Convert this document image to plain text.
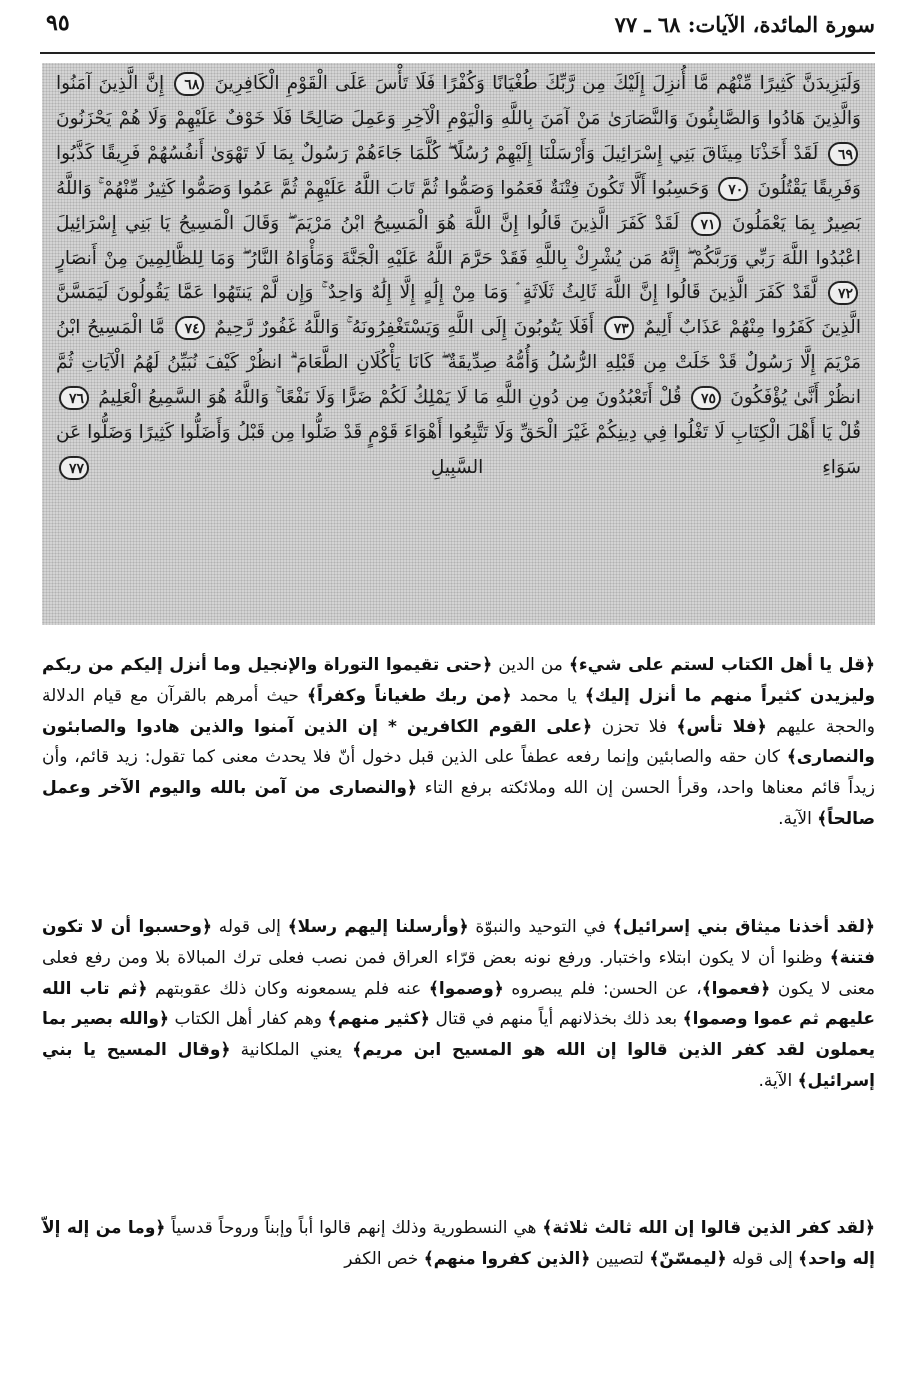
سورة المائدة، الآيات: ٦٨ ـ ٧٧
٩٥
وَلَيَزِيدَنَّ كَثِيرًا مِّنْهُم مَّا أُنزِلَ إِلَيْكَ مِن رَّبِّكَ طُغْيَانًا وَكُفْرًا فَلَا تَأْسَ عَلَى الْقَوْمِ الْكَافِرِينَ ٦٨ إِنَّ الَّذِينَ آمَنُوا وَالَّذِينَ هَادُوا وَالصَّابِئُونَ وَالنَّصَارَىٰ مَنْ آمَنَ بِاللَّهِ وَالْيَوْمِ الْآخِرِ وَعَمِلَ صَالِحًا فَلَا خَوْفٌ عَلَيْهِمْ وَلَا هُمْ يَحْزَنُونَ ٦٩ لَقَدْ أَخَذْنَا مِيثَاقَ بَنِي إِسْرَائِيلَ وَأَرْسَلْنَا إِلَيْهِمْ رُسُلًا ۖ كُلَّمَا جَاءَهُمْ رَسُولٌ بِمَا لَا تَهْوَىٰ أَنفُسُهُمْ فَرِيقًا كَذَّبُوا وَفَرِيقًا يَقْتُلُونَ ٧٠ وَحَسِبُوا أَلَّا تَكُونَ فِتْنَةٌ فَعَمُوا وَصَمُّوا ثُمَّ تَابَ اللَّهُ عَلَيْهِمْ ثُمَّ عَمُوا وَصَمُّوا كَثِيرٌ مِّنْهُمْ ۚ وَاللَّهُ بَصِيرٌ بِمَا يَعْمَلُونَ ٧١ لَقَدْ كَفَرَ الَّذِينَ قَالُوا إِنَّ اللَّهَ هُوَ الْمَسِيحُ ابْنُ مَرْيَمَ ۖ وَقَالَ الْمَسِيحُ يَا بَنِي إِسْرَائِيلَ اعْبُدُوا اللَّهَ رَبِّي وَرَبَّكُمْ ۖ إِنَّهُ مَن يُشْرِكْ بِاللَّهِ فَقَدْ حَرَّمَ اللَّهُ عَلَيْهِ الْجَنَّةَ وَمَأْوَاهُ النَّارُ ۖ وَمَا لِلظَّالِمِينَ مِنْ أَنصَارٍ ٧٢ لَّقَدْ كَفَرَ الَّذِينَ قَالُوا إِنَّ اللَّهَ ثَالِثُ ثَلَاثَةٍ ۘ وَمَا مِنْ إِلَٰهٍ إِلَّا إِلَٰهٌ وَاحِدٌ ۚ وَإِن لَّمْ يَنتَهُوا عَمَّا يَقُولُونَ لَيَمَسَّنَّ الَّذِينَ كَفَرُوا مِنْهُمْ عَذَابٌ أَلِيمٌ ٧٣ أَفَلَا يَتُوبُونَ إِلَى اللَّهِ وَيَسْتَغْفِرُونَهُ ۚ وَاللَّهُ غَفُورٌ رَّحِيمٌ ٧٤ مَّا الْمَسِيحُ ابْنُ مَرْيَمَ إِلَّا رَسُولٌ قَدْ خَلَتْ مِن قَبْلِهِ الرُّسُلُ وَأُمُّهُ صِدِّيقَةٌ ۖ كَانَا يَأْكُلَانِ الطَّعَامَ ۗ انظُرْ كَيْفَ نُبَيِّنُ لَهُمُ الْآيَاتِ ثُمَّ انظُرْ أَنَّىٰ يُؤْفَكُونَ ٧٥ قُلْ أَتَعْبُدُونَ مِن دُونِ اللَّهِ مَا لَا يَمْلِكُ لَكُمْ ضَرًّا وَلَا نَفْعًا ۚ وَاللَّهُ هُوَ السَّمِيعُ الْعَلِيمُ ٧٦ قُلْ يَا أَهْلَ الْكِتَابِ لَا تَغْلُوا فِي دِينِكُمْ غَيْرَ الْحَقِّ وَلَا تَتَّبِعُوا أَهْوَاءَ قَوْمٍ قَدْ ضَلُّوا مِن قَبْلُ وَأَضَلُّوا كَثِيرًا وَضَلُّوا عَن سَوَاءِ السَّبِيلِ ٧٧
﴿قل يا أهل الكتاب لستم على شيء﴾ من الدين ﴿حتى تقيموا التوراة والإنجيل وما أنزل إليكم من ربكم وليزيدن كثيراً منهم ما أنزل إليك﴾ يا محمد ﴿من ربك طغياناً وكفراً﴾ حيث أمرهم بالقرآن مع قيام الدلالة والحجة عليهم ﴿فلا تأس﴾ فلا تحزن ﴿على القوم الكافرين * إن الذين آمنوا والذين هادوا والصابئون والنصارى﴾ كان حقه والصابئين وإنما رفعه عطفاً على الذين قبل دخول أنّ فلا يحدث معنى كما تقول: زيد قائم، وأن زيداً قائم معناها واحد، وقرأ الحسن إن الله وملائكته برفع التاء ﴿والنصارى من آمن بالله واليوم الآخر وعمل صالحاً﴾ الآية.
﴿لقد أخذنا ميثاق بني إسرائيل﴾ في التوحيد والنبوّة ﴿وأرسلنا إليهم رسلا﴾ إلى قوله ﴿وحسبوا أن لا تكون فتنة﴾ وظنوا أن لا يكون ابتلاء واختبار. ورفع نونه بعض قرّاء العراق فمن نصب فعلى ترك المبالاة بلا ومن رفع فعلى معنى لا يكون ﴿فعموا﴾، عن الحسن: فلم يبصروه ﴿وصموا﴾ عنه فلم يسمعونه وكان ذلك عقوبتهم ﴿ثم تاب الله عليهم ثم عموا وصموا﴾ بعد ذلك بخذلانهم أياً منهم في قتال ﴿كثير منهم﴾ وهم كفار أهل الكتاب ﴿والله بصير بما يعملون لقد كفر الذين قالوا إن الله هو المسيح ابن مريم﴾ يعني الملكانية ﴿وقال المسيح يا بني إسرائيل﴾ الآية.
﴿لقد كفر الذين قالوا إن الله ثالث ثلاثة﴾ هي النسطورية وذلك إنهم قالوا أباً وإبناً وروحاً قدسياً ﴿وما من إله إلاّ إله واحد﴾ إلى قوله ﴿ليمسّنّ﴾ لتصيين ﴿الذين كفروا منهم﴾ خص الكفر
